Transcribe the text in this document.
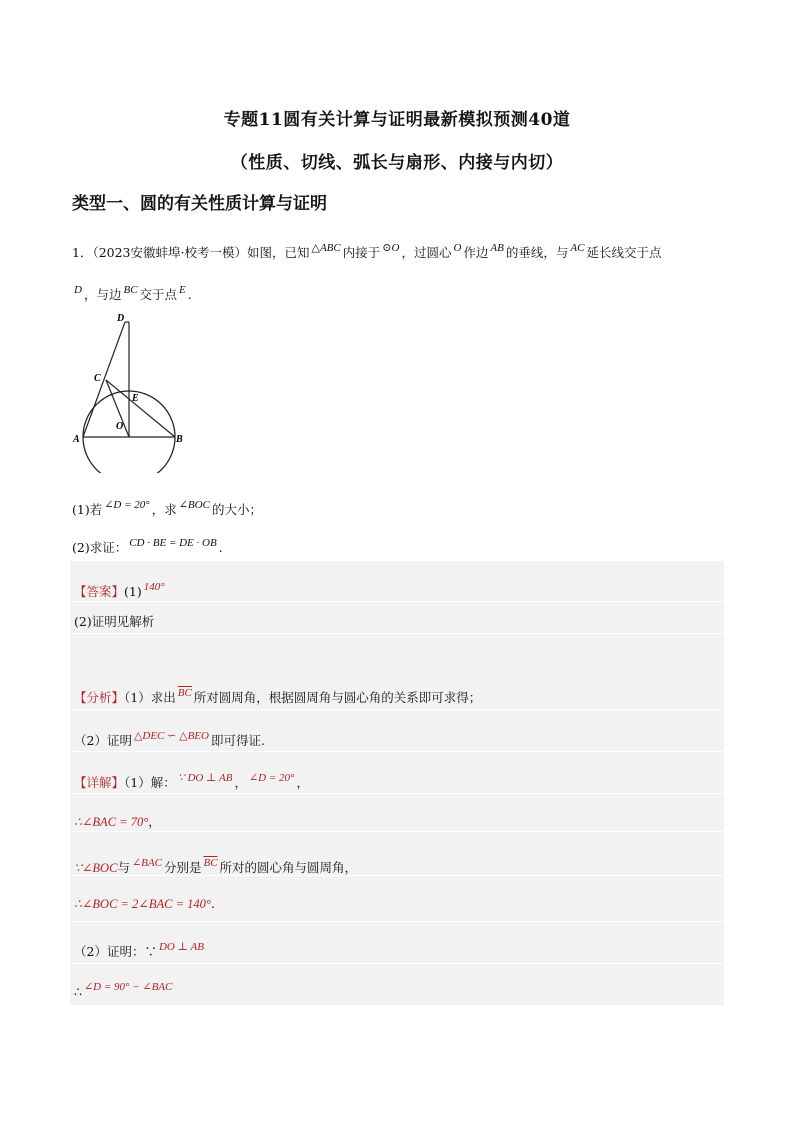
专题11圆有关计算与证明最新模拟预测40道
（性质、切线、弧长与扇形、内接与内切）
类型一、圆的有关性质计算与证明
1．（2023安徽蚌埠·校考一模）如图，已知 △ABC 内接于 ⊙O ，过圆心 O 作边 AB 的垂线，与 AC 延长线交于点
D ，与边 BC 交于点 E .
D
C
E
O
A	B
(1)若 ∠D = 20° ，求 ∠BOC 的大小；
(2)求证： CD · BE = DE · OB .
【答案】(1) 140°
(2)证明见解析
【分析】（1）求出 $\overline{BC}$ 所对圆周角，根据圆周角与圆心角的关系即可求得；
（2）证明 △DEC ∽ △BEO 即可得证.
【详解】（1）解： ∵ DO ⊥ AB ， ∠D = 20° ，
∴∠BAC = 70°，
∵∠BOC与 ∠BAC 分别是 $\overline{BC}$ 所对的圆心角与圆周角，
∴∠BOC = 2∠BAC = 140°.
（2）证明：∵ DO ⊥ AB
∴ ∠D = 90° − ∠BAC
